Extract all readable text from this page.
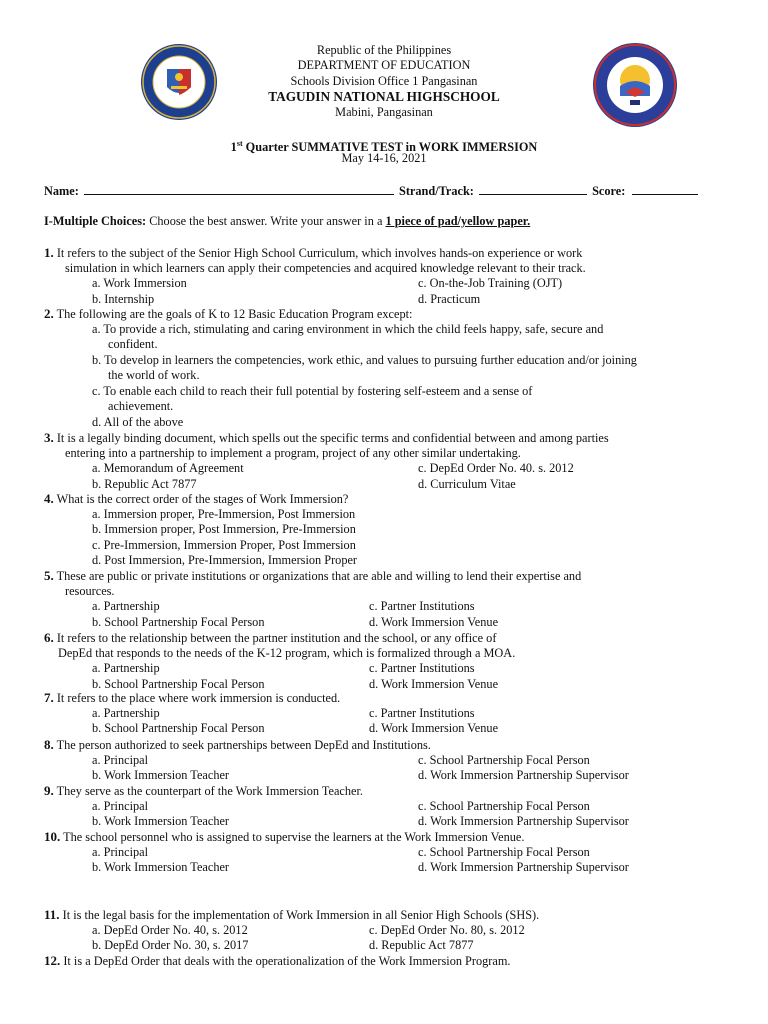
Republic of the Philippines
DEPARTMENT OF EDUCATION
Schools Division Office 1 Pangasinan
TAGUDIN NATIONAL HIGHSCHOOL
Mabini, Pangasinan
1st Quarter SUMMATIVE TEST in WORK IMMERSION
May 14-16, 2021
Name:	Strand/Track:	Score:
I-Multiple Choices: Choose the best answer. Write your answer in a 1 piece of pad/yellow paper.
1. It refers to the subject of the Senior High School Curriculum, which involves hands-on experience or work
simulation in which learners can apply their competencies and acquired knowledge relevant to their track.
a. Work Immersion	c. On-the-Job Training (OJT)
b. Internship	d. Practicum
2. The following are the goals of K to 12 Basic Education Program except:
a. To provide a rich, stimulating and caring environment in which the child feels happy, safe, secure and
confident.
b. To develop in learners the competencies, work ethic, and values to pursuing further education and/or joining
the world of work.
c. To enable each child to reach their full potential by fostering self-esteem and a sense of
achievement.
d. All of the above
3. It is a legally binding document, which spells out the specific terms and confidential between and among parties
entering into a partnership to implement a program, project of any other similar undertaking.
a. Memorandum of Agreement	c. DepEd Order No. 40. s. 2012
b. Republic Act 7877	d. Curriculum Vitae
4. What is the correct order of the stages of Work Immersion?
a. Immersion proper, Pre-Immersion, Post Immersion
b. Immersion proper, Post Immersion, Pre-Immersion
c. Pre-Immersion, Immersion Proper, Post Immersion
d. Post Immersion, Pre-Immersion, Immersion Proper
5. These are public or private institutions or organizations that are able and willing to lend their expertise and
resources.
a. Partnership	c. Partner Institutions
b. School Partnership Focal Person	d. Work Immersion Venue
6. It refers to the relationship between the partner institution and the school, or any office of
DepEd that responds to the needs of the K-12 program, which is formalized through a MOA.
a. Partnership	c. Partner Institutions
b. School Partnership Focal Person	d. Work Immersion Venue
7. It refers to the place where work immersion is conducted.
a. Partnership	c. Partner Institutions
b. School Partnership Focal Person	d. Work Immersion Venue
8. The person authorized to seek partnerships between DepEd and Institutions.
a. Principal	c. School Partnership Focal Person
b. Work Immersion Teacher	d. Work Immersion Partnership Supervisor
9. They serve as the counterpart of the Work Immersion Teacher.
a. Principal	c. School Partnership Focal Person
b. Work Immersion Teacher	d. Work Immersion Partnership Supervisor
10. The school personnel who is assigned to supervise the learners at the Work Immersion Venue.
a. Principal	c. School Partnership Focal Person
b. Work Immersion Teacher	d. Work Immersion Partnership Supervisor
11. It is the legal basis for the implementation of Work Immersion in all Senior High Schools (SHS).
a. DepEd Order No. 40, s. 2012	c. DepEd Order No. 80, s. 2012
b. DepEd Order No. 30, s. 2017	d. Republic Act 7877
12. It is a DepEd Order that deals with the operationalization of the Work Immersion Program.
